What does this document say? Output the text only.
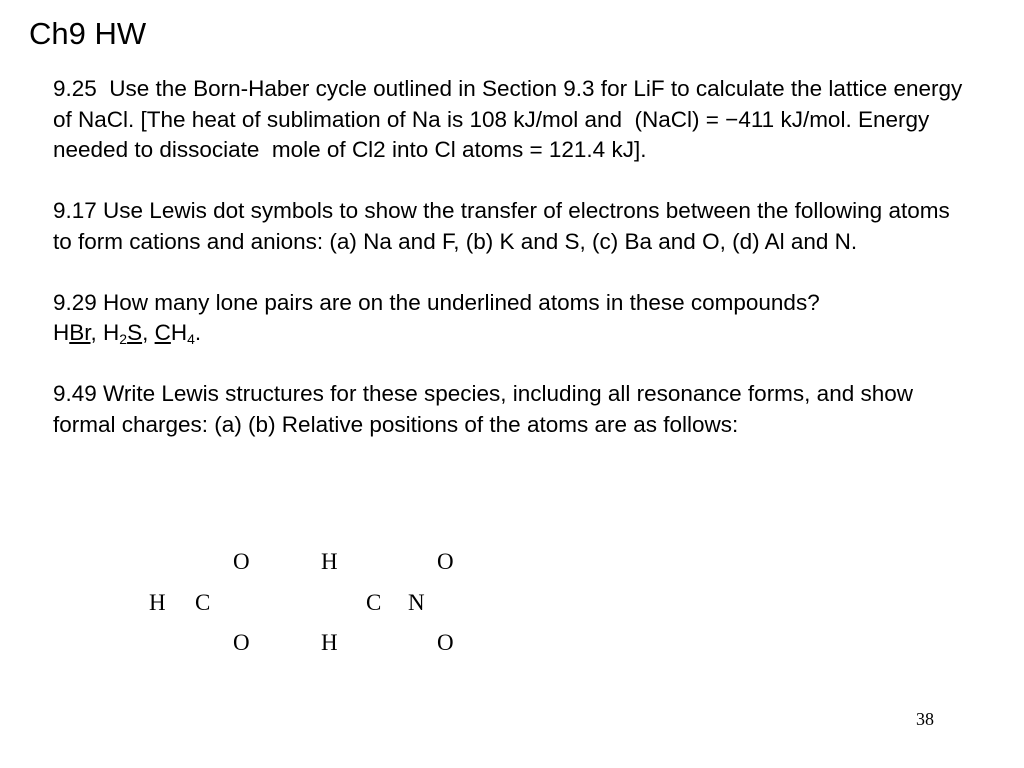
Ch9 HW

9.25  Use the Born-Haber cycle outlined in Section 9.3 for LiF to calculate the lattice energy of NaCl. [The heat of sublimation of Na is 108 kJ/mol and  (NaCl) = −411 kJ/mol. Energy needed to dissociate  mole of Cl2 into Cl atoms = 121.4 kJ].

9.17 Use Lewis dot symbols to show the transfer of electrons between the following atoms to form cations and anions: (a) Na and F, (b) K and S, (c) Ba and O, (d) Al and N.

9.29 How many lone pairs are on the underlined atoms in these compounds?
HBr, $H_2S$, $CH_4$.

9.49 Write Lewis structures for these species, including all resonance forms, and show formal charges: (a) (b) Relative positions of the atoms are as follows:

O
H C
O
H	O
C N
H	O
38
